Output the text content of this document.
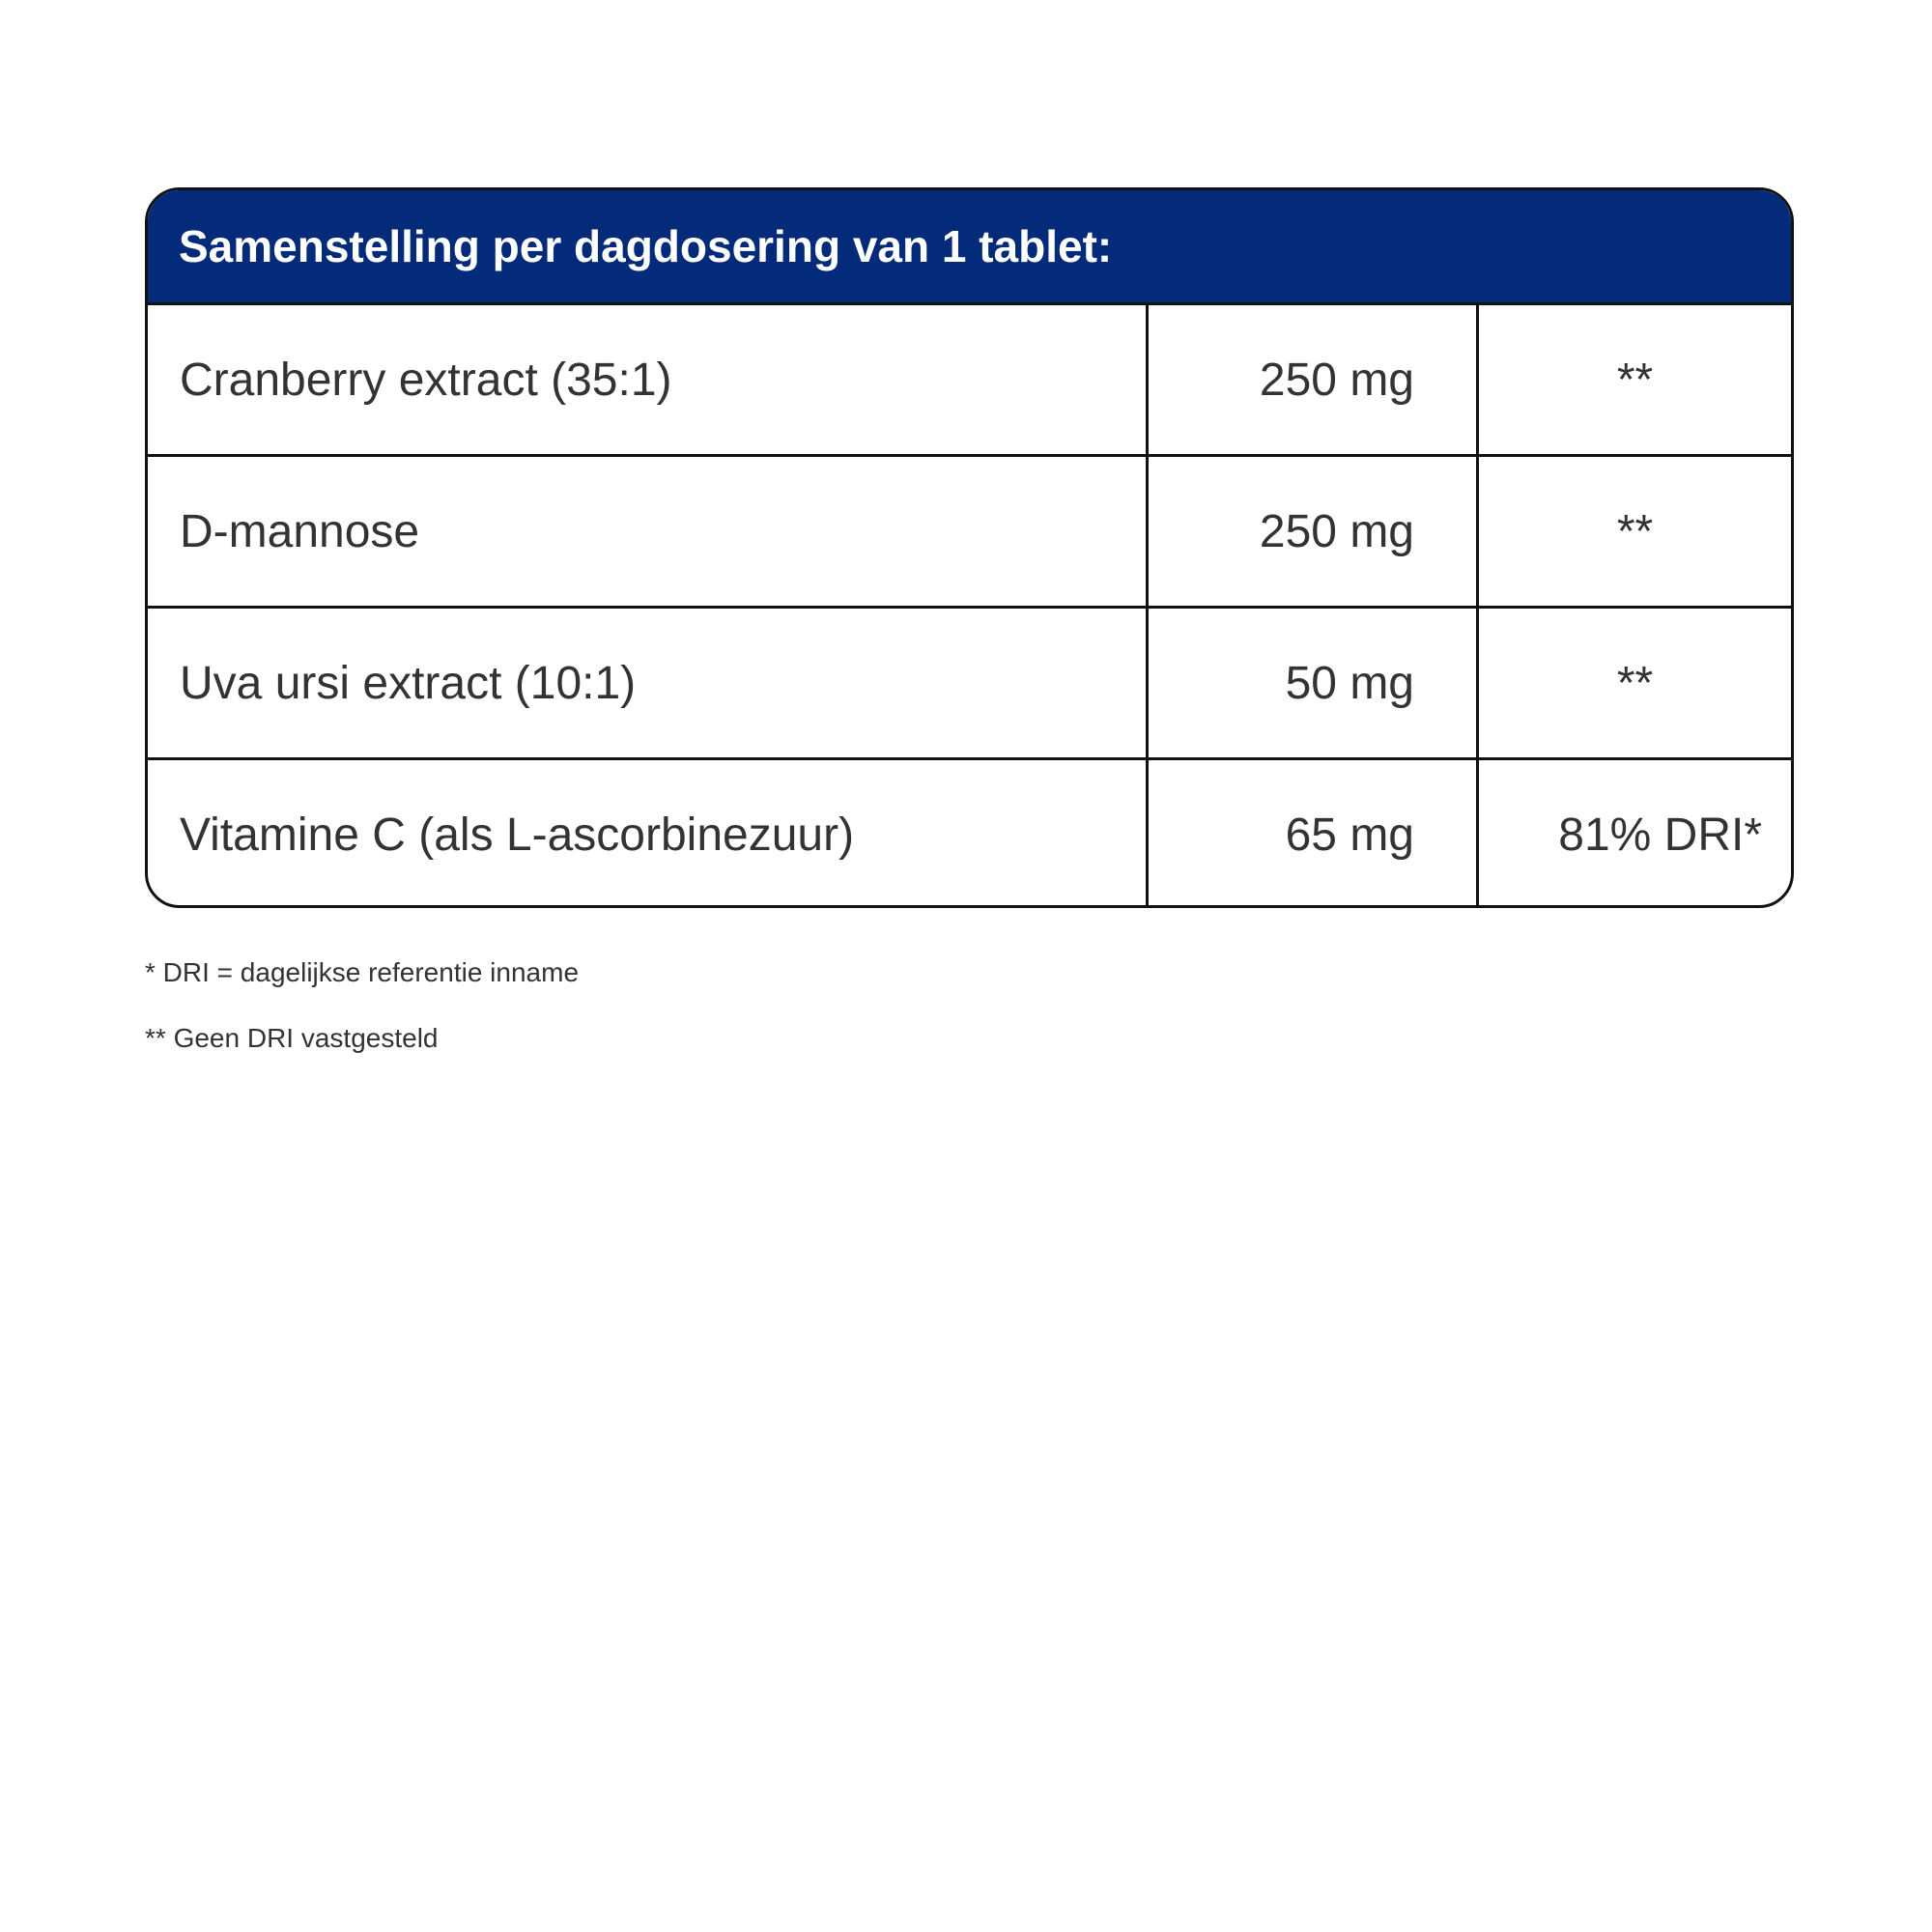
Samenstelling per dagdosering van 1 tablet:
Cranberry extract (35:1)	250 mg	**
D-mannose	250 mg	**
Uva ursi extract (10:1)	50 mg	**
Vitamine C (als L-ascorbinezuur)	65 mg	81% DRI*
* DRI = dagelijkse referentie inname
** Geen DRI vastgesteld
